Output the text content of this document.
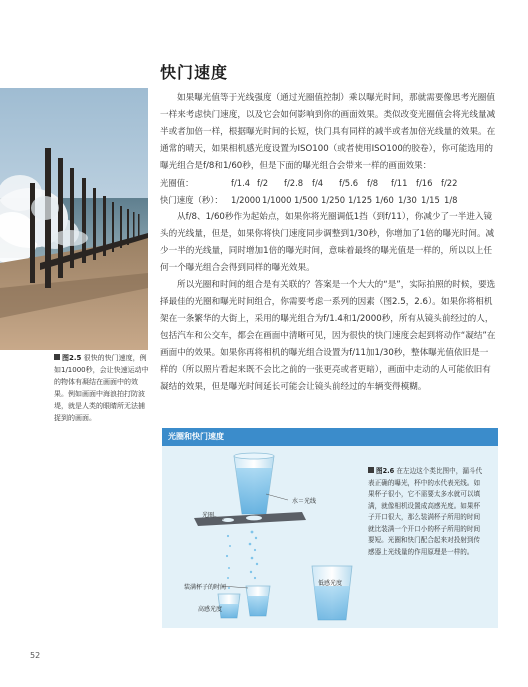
快门速度
图2.5 很快的快门速度，例如1/1000秒，会让快速运动中的物体有凝结在画面中的效果。例如画面中海浪拍打防波堤，就是人类的眼睛所无法捕捉到的画面。

如果曝光值等于光线强度（通过光圈值控制）乘以曝光时间，那就需要像思考光圈值一样来考虑快门速度，以及它会如何影响到你的画面效果。类似改变光圈值会将光线量减半或者加倍一样，根据曝光时间的长短，快门具有同样的减半或者加倍光线量的效果。在通常的晴天，如果相机感光度设置为ISO100（或者使用ISO100的胶卷），你可能选用的曝光组合是f/8和1/60秒，但是下面的曝光组合会带来一样的画面效果：

光圈值：	f/1.4 f/2	f/2.8	f/4	f/5.6	f/8	f/11	f/16	f/22
快门速度（秒）： 1/2000 1/1000 1/500 1/250 1/125 1/60 1/30 1/15 1/8

从f/8、1/60秒作为起始点，如果你将光圈调低1挡（到f/11），你减少了一半进入镜头的光线量，但是，如果你将快门速度同步调整到1/30秒，你增加了1倍的曝光时间。减少一半的光线量，同时增加1倍的曝光时间，意味着最终的曝光值是一样的，所以以上任何一个曝光组合会得到同样的曝光效果。

所以光圈和时间的组合是有关联的？答案是一个大大的“是”，实际拍照的时候，要选择最佳的光圈和曝光时间组合，你需要考虑一系列的因素（图2.5，2.6）。如果你将相机架在一条繁华的大街上，采用的曝光组合为f/1.4和1/2000秒，所有从镜头前经过的人，包括汽车和公交车，都会在画面中清晰可见，因为很快的快门速度会起到将动作“凝结”在画面中的效果。如果你再将相机的曝光组合设置为f/11加1/30秒，整体曝光值依旧是一样的（所以照片看起来既不会比之前的一张更亮或者更暗），画面中走动的人可能依旧有凝结的效果，但是曝光时间延长可能会让镜头前经过的车辆变得模糊。

光圈和快门速度
水＝光线
光圈
装满杯子的时间
低感光度
高感光度
图2.6 在左边这个类比图中，漏斗代表正确的曝光，杯中的水代表光线。如果杯子很小，它不需要太多水就可以填满，就像相机设置成高感光度。如果杯子开口很大，那么装满杯子所用的时间就比装满一个开口小的杯子所用的时间要短。光圈和快门配合起来对投射到传感器上光线量的作用原理是一样的。
52
